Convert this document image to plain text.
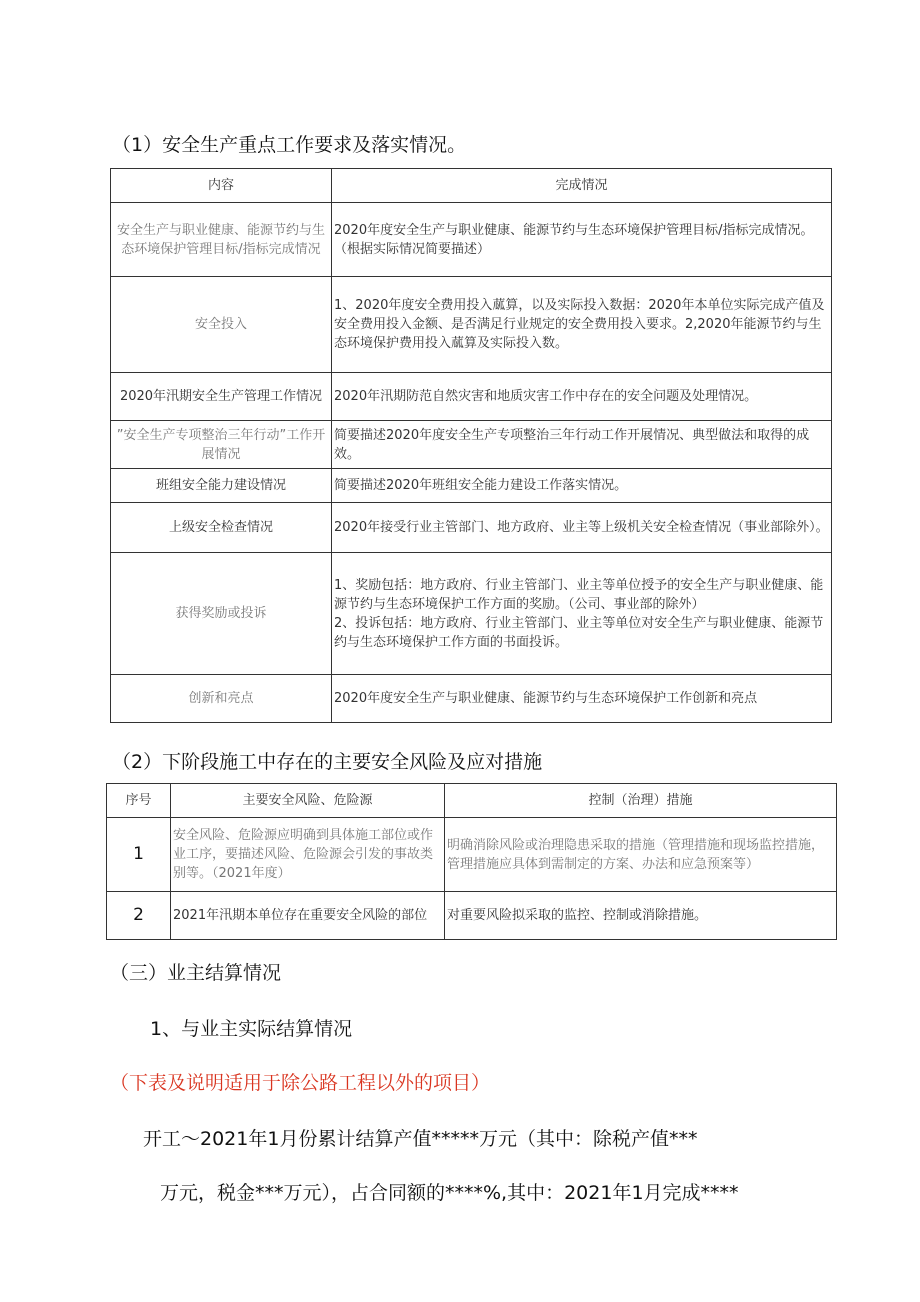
（1）安全生产重点工作要求及落实情况。
内容	完成情况
安全生产与职业健康、能源节约与生态环境保护管理目标/指标完成情况	2020年度安全生产与职业健康、能源节约与生态环境保护管理目标/指标完成情况。（根据实际情况简要描述）
安全投入	1、2020年度安全费用投入蓏算，以及实际投入数据：2020年本单位实际完成产值及安全费用投入金额、是否满足行业规定的安全费用投入要求。2,2020年能源节约与生态环境保护费用投入蓏算及实际投入数。
2020年汛期安全生产管理工作情况	2020年汛期防范自然灾害和地质灾害工作中存在的安全问题及处理情况。
”安全生产专项整治三年行动”工作开展情况	简要描述2020年度安全生产专项整治三年行动工作开展情况、典型做法和取得的成效。
班组安全能力建设情况	简要描述2020年班组安全能力建设工作落实情况。
上级安全检查情况	2020年接受行业主管部门、地方政府、业主等上级机关安全检查情况（事业部除外）。
获得奖励或投诉	1、奖励包括：地方政府、行业主管部门、业主等单位授予的安全生产与职业健康、能源节约与生态环境保护工作方面的奖励。（公司、事业部的除外）
2、投诉包括：地方政府、行业主管部门、业主等单位对安全生产与职业健康、能源节约与生态环境保护工作方面的书面投诉。

创新和亮点	2020年度安全生产与职业健康、能源节约与生态环境保护工作创新和亮点
（2）下阶段施工中存在的主要安全风险及应对措施
序号	主要安全风险、危险源	控制（治理）措施
1	安全风险、危险源应明确到具体施工部位或作业工序，要描述风险、危险源会引发的事故类别等。（2021年度）	明确消除风险或治理隐患采取的措施（管理措施和现场监控措施，管理措施应具体到需制定的方案、办法和应急预案等）
2	2021年汛期本单位存在重要安全风险的部位	对重要风险拟采取的监控、控制或消除措施。
（三）业主结算情况
1、与业主实际结算情况
（下表及说明适用于除公路工程以外的项目）
开工〜2021年1月份累计结算产值*****万元（其中：除税产值***
万元，税金***万元），占合同额的****%,其中：2021年1月完成****
